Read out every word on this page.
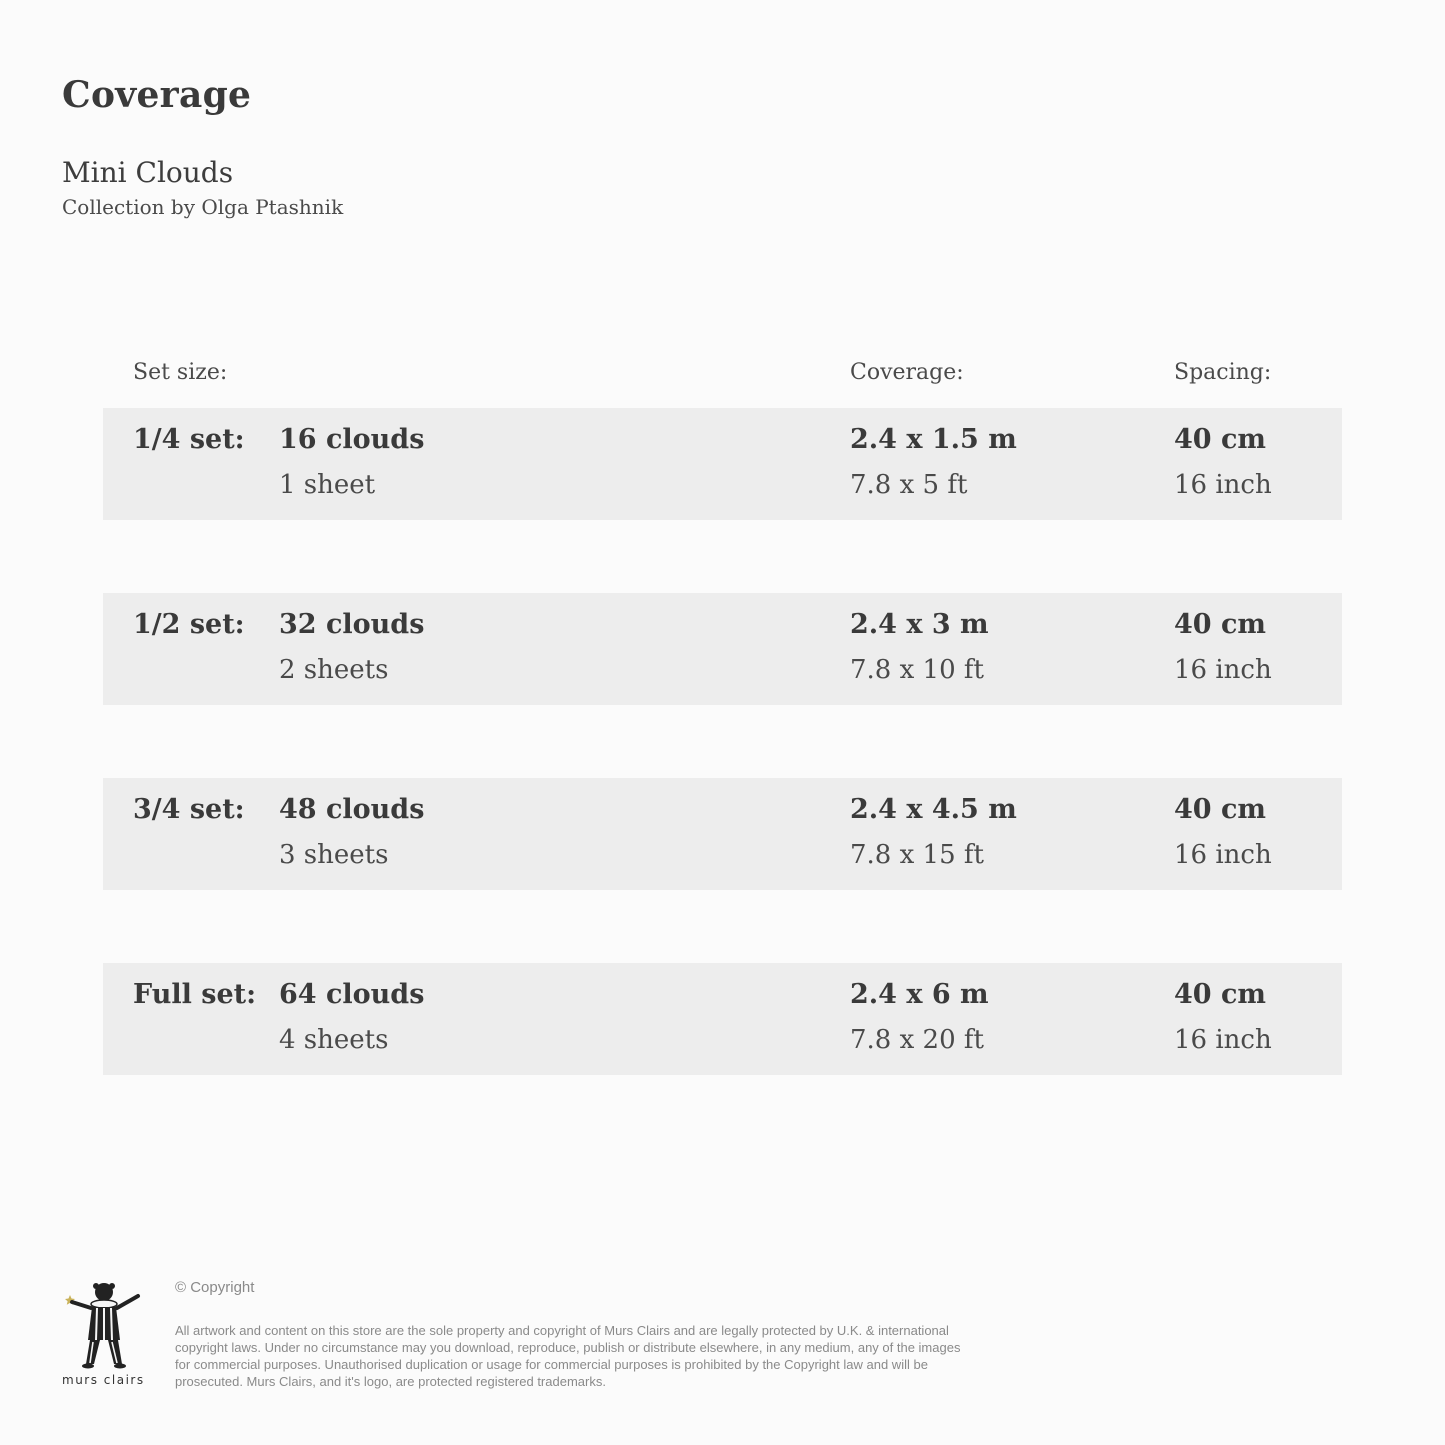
Coverage
Mini Clouds
Collection by Olga Ptashnik
Set size:	Coverage:	Spacing:
1/4 set: 16 clouds
1 sheet
2.4 x 1.5 m
7.8 x 5 ft
40 cm
16 inch
1/2 set: 32 clouds
2 sheets
2.4 x 3 m
7.8 x 10 ft
40 cm
16 inch
3/4 set: 48 clouds
3 sheets
2.4 x 4.5 m
7.8 x 15 ft
40 cm
16 inch
Full set: 64 clouds
4 sheets
2.4 x 6 m
7.8 x 20 ft
40 cm
16 inch
murs clairs
© Copyright
All artwork and content on this store are the sole property and copyright of Murs Clairs and are legally protected by U.K. & international copyright laws. Under no circumstance may you download, reproduce, publish or distribute elsewhere, in any medium, any of the images for commercial purposes. Unauthorised duplication or usage for commercial purposes is prohibited by the Copyright law and will be prosecuted. Murs Clairs, and it's logo, are protected registered trademarks.
